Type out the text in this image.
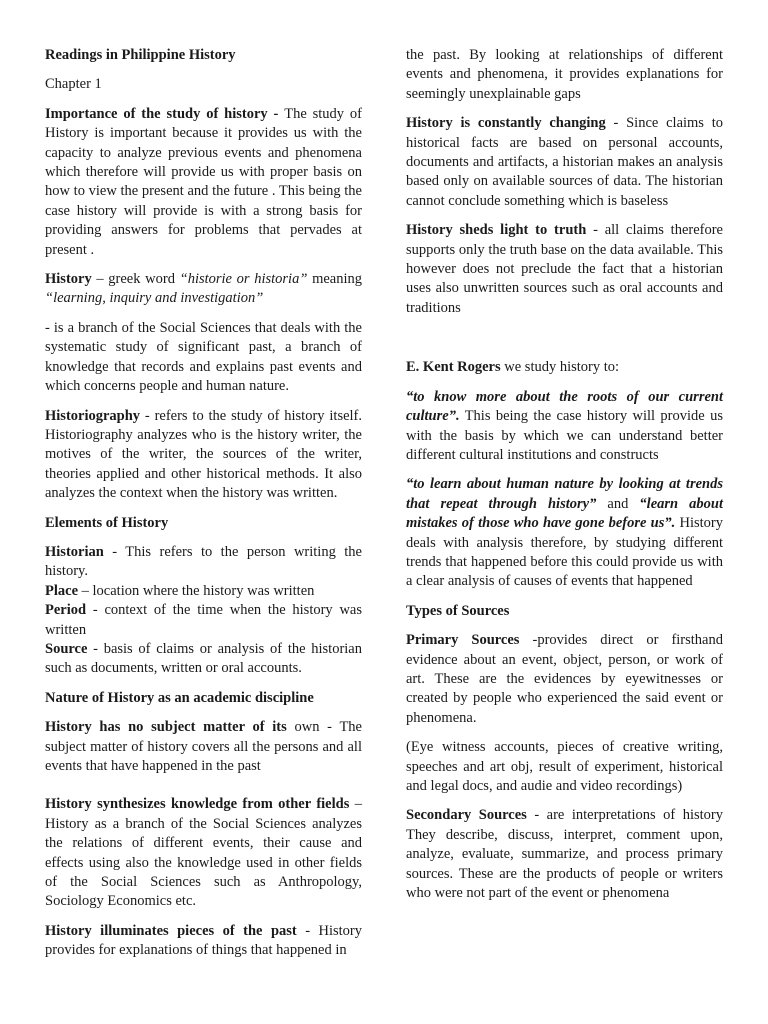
Readings in Philippine History

Chapter 1

Importance of the study of history - The study of History is important because it provides us with the capacity to analyze previous events and phenomena which therefore will provide us with proper basis on how to view the present and the future . This being the case history will provide is with a strong basis for providing answers for problems that pervades at present .

History – greek word “historie or historia” meaning “learning, inquiry and investigation”

- is a branch of the Social Sciences that deals with the systematic study of significant past, a branch of knowledge that records and explains past events and which concerns people and human nature.

Historiography - refers to the study of history itself. Historiography analyzes who is the history writer, the motives of the writer, the sources of the writer, theories applied and other historical methods. It also analyzes the context when the history was written.

Elements of History

Historian - This refers to the person writing the history.

Place – location where the history was written

Period - context of the time when the history was written

Source - basis of claims or analysis of the historian such as documents, written or oral accounts.

Nature of History as an academic discipline

History has no subject matter of its own - The subject matter of history covers all the persons and all events that have happened in the past

History synthesizes knowledge from other fields – History as a branch of the Social Sciences analyzes the relations of different events, their cause and effects using also the knowledge used in other fields of the Social Sciences such as Anthropology, Sociology Economics etc.

History illuminates pieces of the past - History provides for explanations of things that happened in

the past. By looking at relationships of different events and phenomena, it provides explanations for seemingly unexplainable gaps

History is constantly changing - Since claims to historical facts are based on personal accounts, documents and artifacts, a historian makes an analysis based only on available sources of data. The historian cannot conclude something which is baseless

History sheds light to truth - all claims therefore supports only the truth base on the data available. This however does not preclude the fact that a historian uses also unwritten sources such as oral accounts and traditions

E. Kent Rogers we study history to:

“to know more about the roots of our current culture”. This being the case history will provide us with the basis by which we can understand better different cultural institutions and constructs

“to learn about human nature by looking at trends that repeat through history” and “learn about mistakes of those who have gone before us”. History deals with analysis therefore, by studying different trends that happened before this could provide us with a clear analysis of causes of events that happened

Types of Sources

Primary Sources -provides direct or firsthand evidence about an event, object, person, or work of art. These are the evidences by eyewitnesses or created by people who experienced the said event or phenomena.

(Eye witness accounts, pieces of creative writing, speeches and art obj, result of experiment, historical and legal docs, and audie and video recordings)

Secondary Sources - are interpretations of history They describe, discuss, interpret, comment upon, analyze, evaluate, summarize, and process primary sources. These are the products of people or writers who were not part of the event or phenomena
